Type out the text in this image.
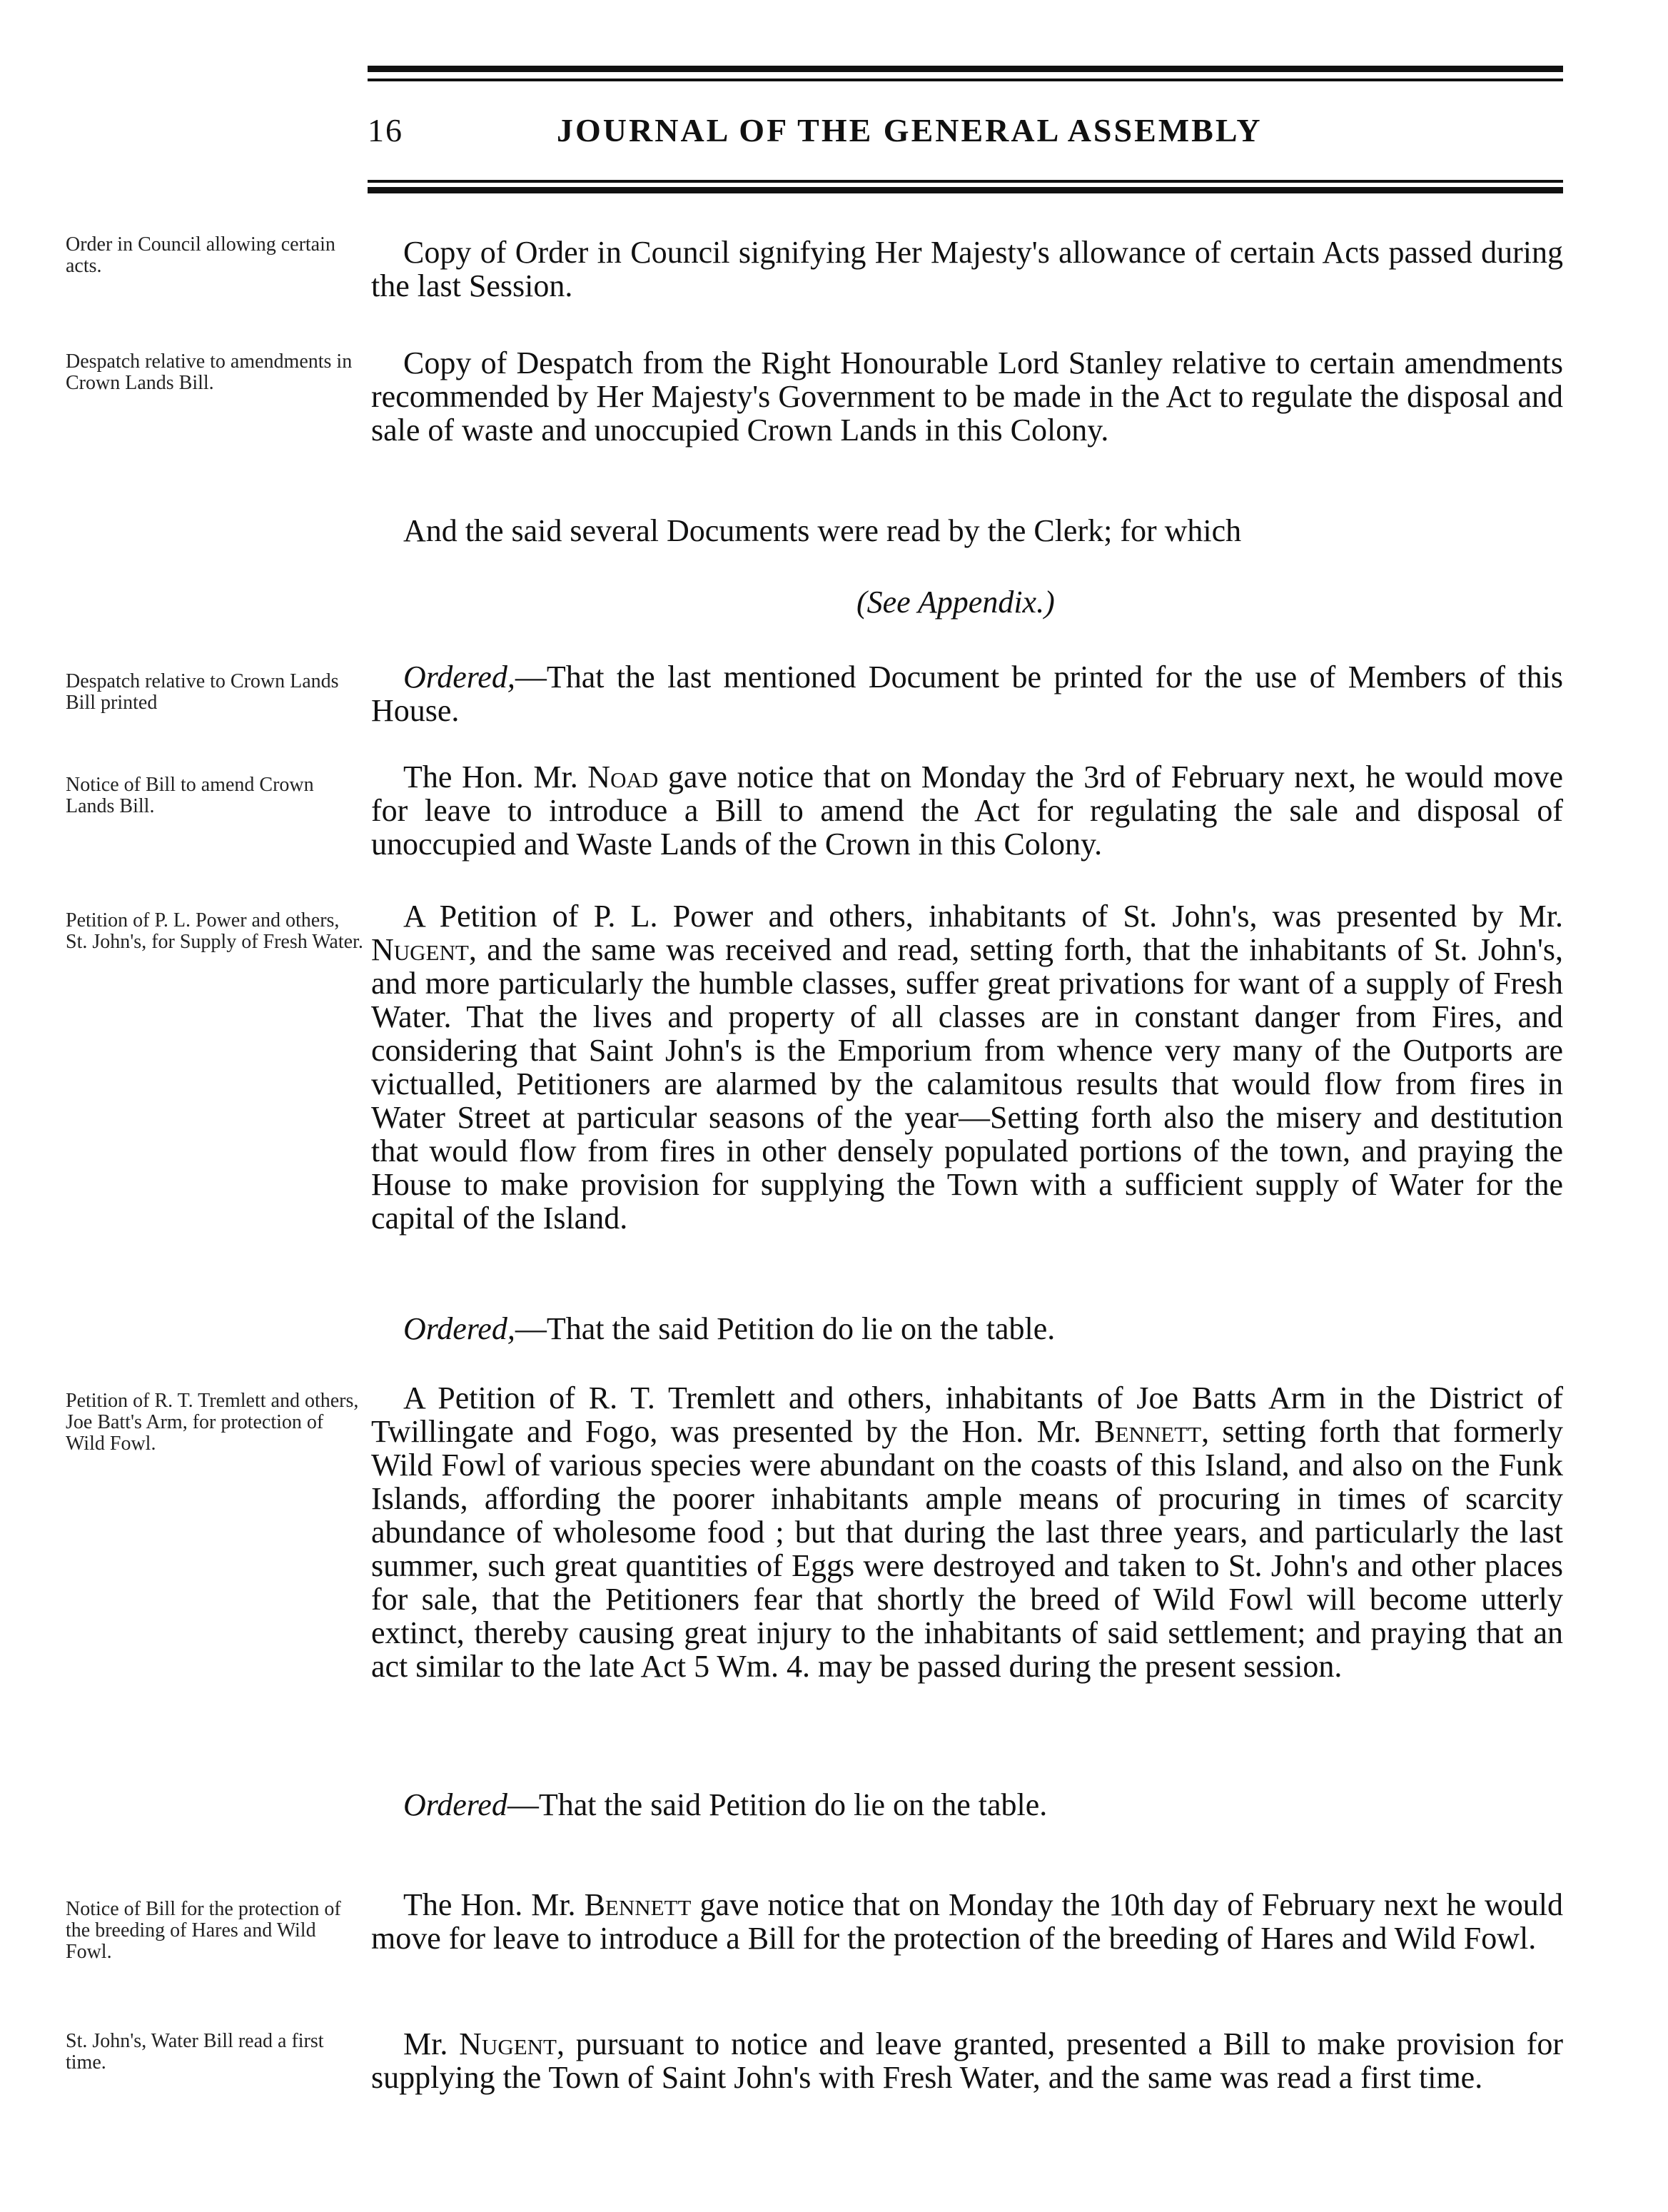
16	JOURNAL OF THE GENERAL ASSEMBLY
Order in Council allowing certain acts.
Despatch relative to amendments in Crown Lands Bill.
Despatch relative to Crown Lands Bill printed
Notice of Bill to amend Crown Lands Bill.
Petition of P. L. Power and others, St. John's, for Supply of Fresh Water.
Petition of R. T. Tremlett and others, Joe Batt's Arm, for protection of Wild Fowl.
Notice of Bill for the protection of the breeding of Hares and Wild Fowl.
St. John's, Water Bill read a first time.
Copy of Order in Council signifying Her Majesty's allowance of certain Acts passed during the last Session.
Copy of Despatch from the Right Honourable Lord Stanley relative to certain amendments recommended by Her Majesty's Government to be made in the Act to regulate the disposal and sale of waste and unoccupied Crown Lands in this Colony.
And the said several Documents were read by the Clerk; for which
(See Appendix.)
Ordered,—That the last mentioned Document be printed for the use of Members of this House.
The Hon. Mr. Noad gave notice that on Monday the 3rd of February next, he would move for leave to introduce a Bill to amend the Act for regulating the sale and disposal of unoccupied and Waste Lands of the Crown in this Colony.
A Petition of P. L. Power and others, inhabitants of St. John's, was presented by Mr. Nugent, and the same was received and read, setting forth, that the inhabitants of St. John's, and more particularly the humble classes, suffer great privations for want of a supply of Fresh Water. That the lives and property of all classes are in constant danger from Fires, and considering that Saint John's is the Emporium from whence very many of the Outports are victualled, Petitioners are alarmed by the calamitous results that would flow from fires in Water Street at particular seasons of the year—Setting forth also the misery and destitution that would flow from fires in other densely populated portions of the town, and praying the House to make provision for supplying the Town with a sufficient supply of Water for the capital of the Island.
Ordered,—That the said Petition do lie on the table.
A Petition of R. T. Tremlett and others, inhabitants of Joe Batts Arm in the District of Twillingate and Fogo, was presented by the Hon. Mr. Bennett, setting forth that formerly Wild Fowl of various species were abundant on the coasts of this Island, and also on the Funk Islands, affording the poorer inhabitants ample means of procuring in times of scarcity abundance of wholesome food ; but that during the last three years, and particularly the last summer, such great quantities of Eggs were destroyed and taken to St. John's and other places for sale, that the Petitioners fear that shortly the breed of Wild Fowl will become utterly extinct, thereby causing great injury to the inhabitants of said settlement; and praying that an act similar to the late Act 5 Wm. 4. may be passed during the present session.
Ordered—That the said Petition do lie on the table.
The Hon. Mr. Bennett gave notice that on Monday the 10th day of February next he would move for leave to introduce a Bill for the protection of the breeding of Hares and Wild Fowl.
Mr. Nugent, pursuant to notice and leave granted, presented a Bill to make provision for supplying the Town of Saint John's with Fresh Water, and the same was read a first time.
